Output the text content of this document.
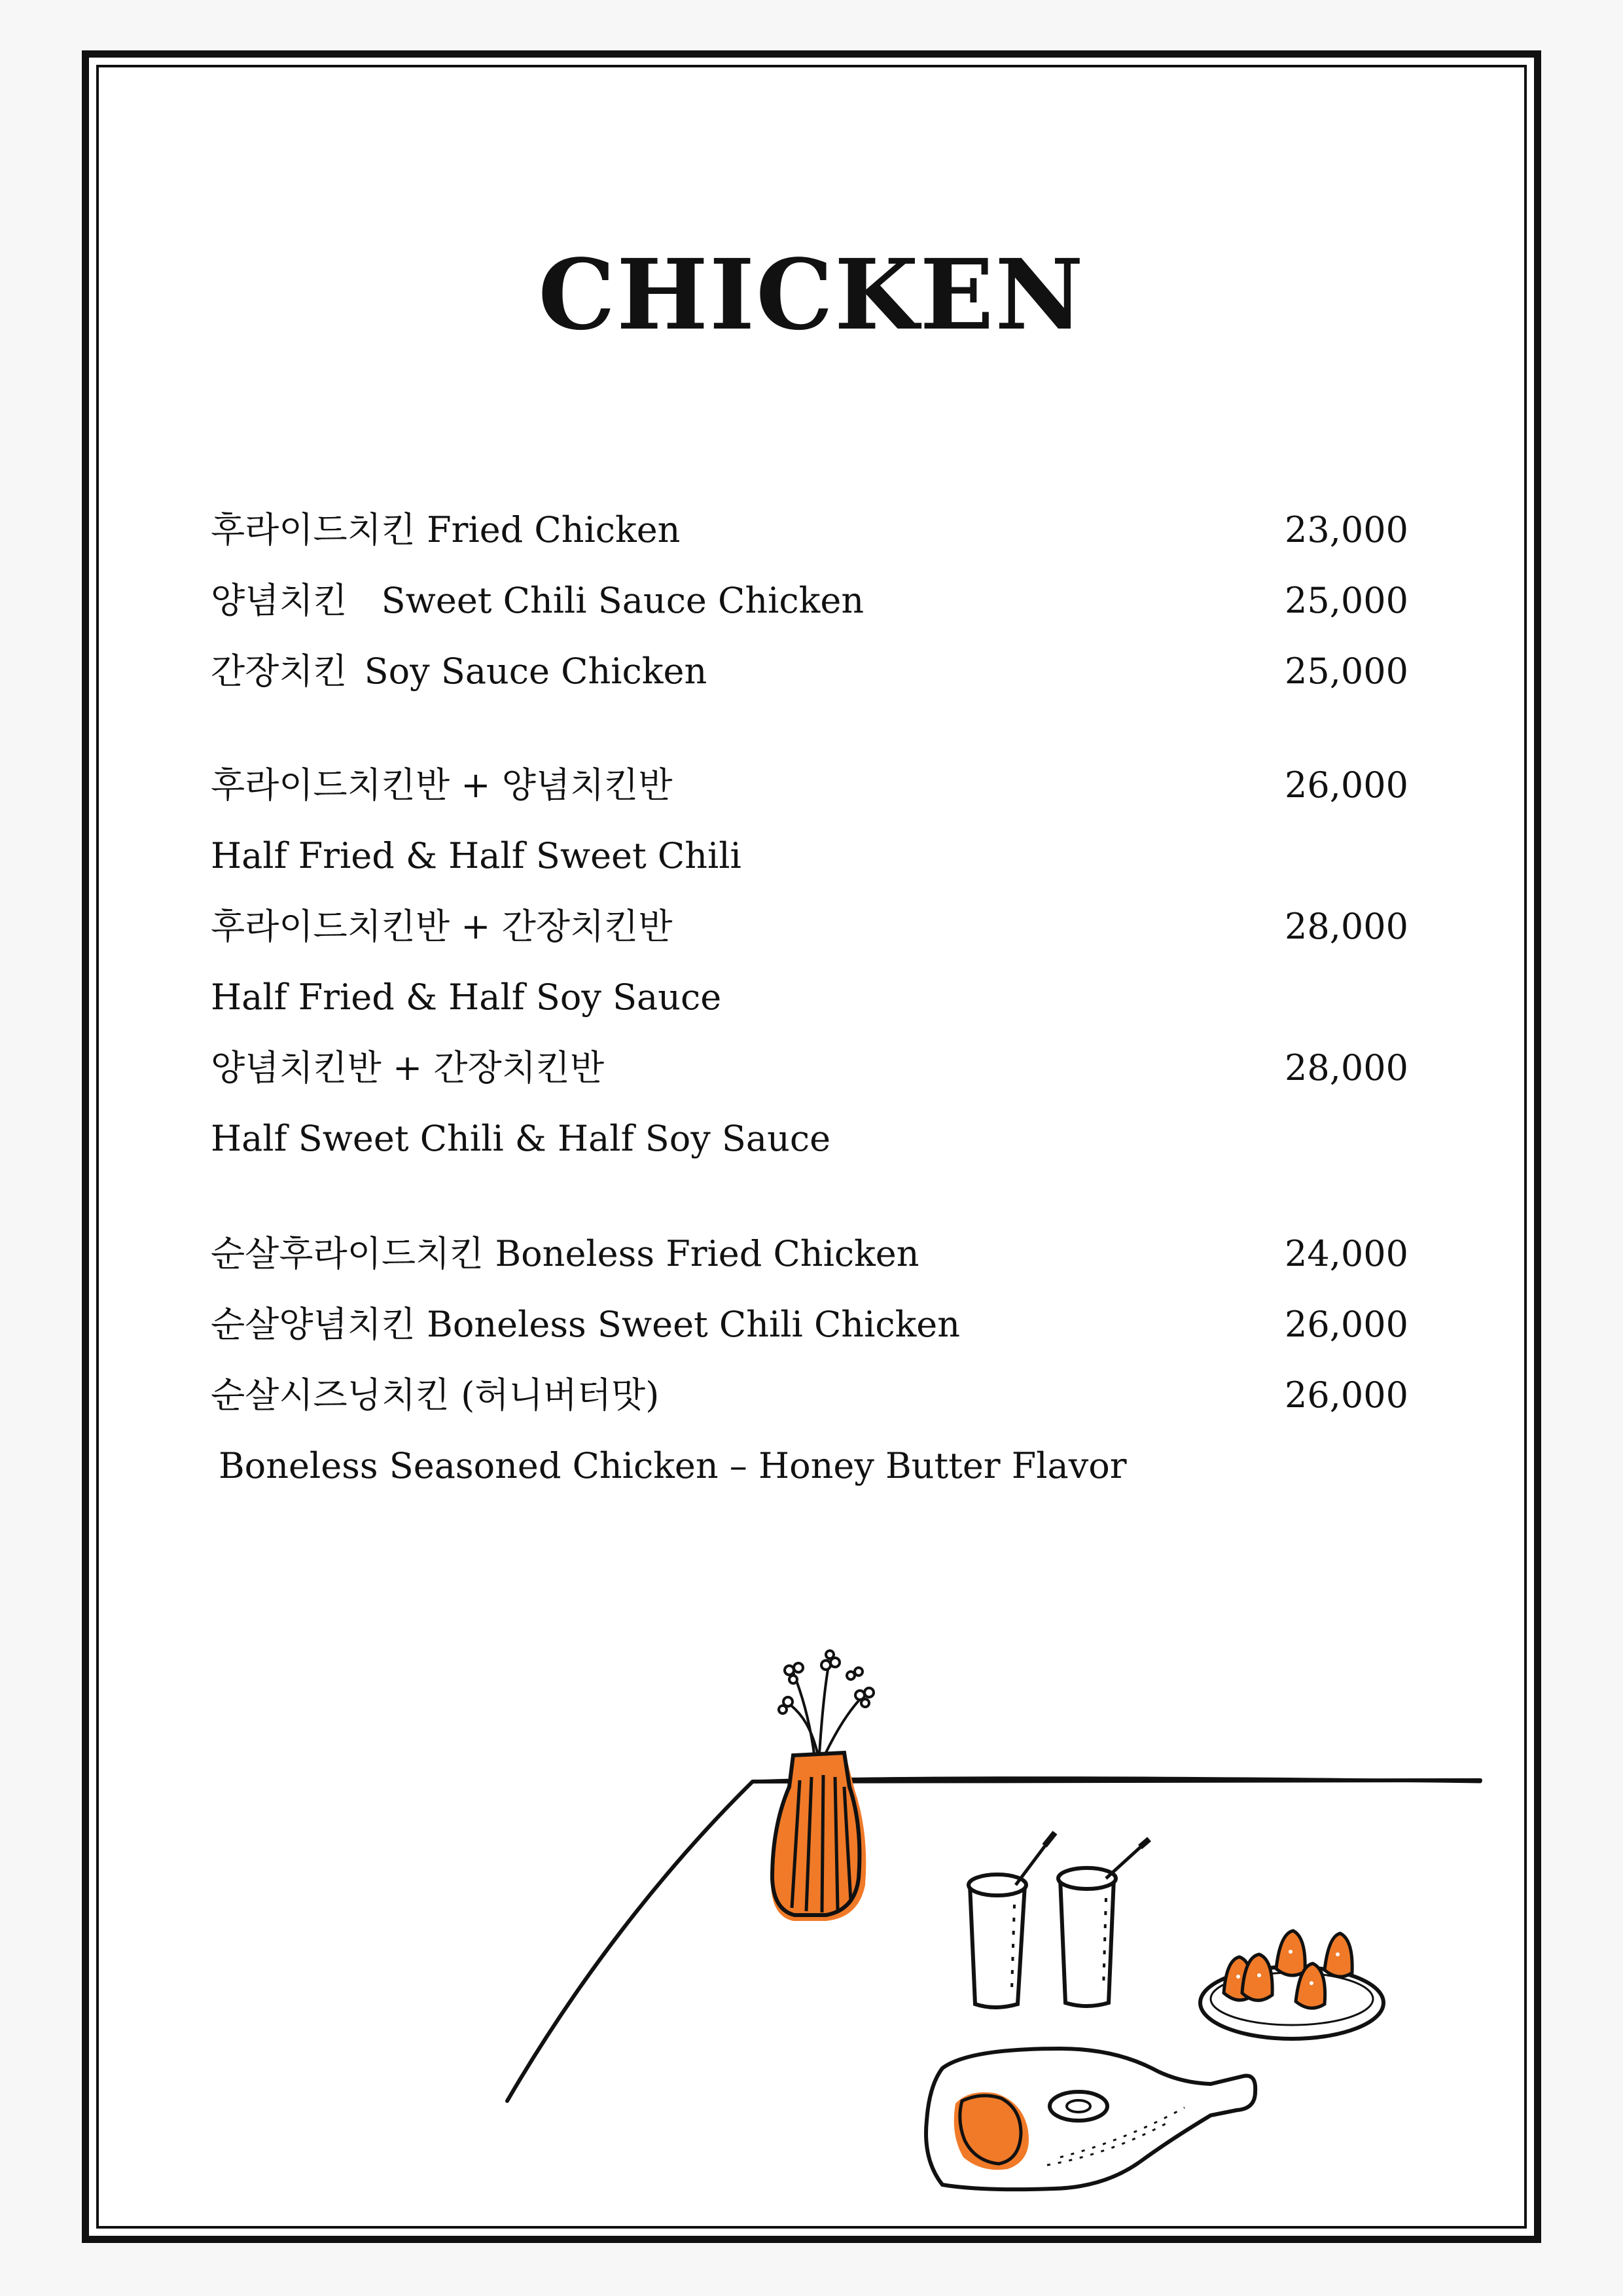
CHICKEN
후라이드치킨 Fried Chicken	23,000
양념치킨 Sweet Chili Sauce Chicken	25,000
간장치킨 Soy Sauce Chicken	25,000
후라이드치킨반 + 양념치킨반	26,000
Half Fried & Half Sweet Chili
후라이드치킨반 + 간장치킨반	28,000
Half Fried & Half Soy Sauce
양념치킨반 + 간장치킨반	28,000
Half Sweet Chili & Half Soy Sauce
순살후라이드치킨 Boneless Fried Chicken	24,000
순살양념치킨 Boneless Sweet Chili Chicken	26,000
순살시즈닝치킨 (허니버터맛)	26,000
Boneless Seasoned Chicken – Honey Butter Flavor
